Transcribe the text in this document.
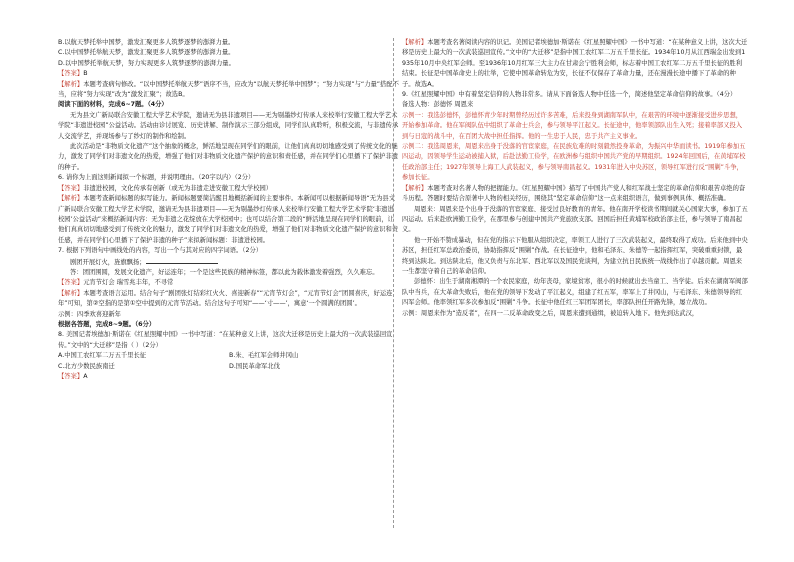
B.以航天梦托举中国梦，激发汇聚更多人筑梦逐梦的澎湃力量。

C.以中国梦托举航天梦，激发汇聚更多人筑梦逐梦的澎湃力量。

D.以中国梦托举航天梦，努力实现更多人筑梦逐梦的澎湃力量。

【答案】B

【解析】本题考查病句修改。“以中国梦托举航天梦”语序不当，应改为“以航天梦托举中国梦”；“努力实现”与“力量”搭配不当，应将“努力实现”改为“激发汇聚”；故选B。

阅读下面的材料，完成6~7题。（4分）

无为县文广新局联合安徽工程大学艺术学院，邀请无为县非遗项目——无为剔墨纱灯传承人来校举行安徽工程大学艺术学院“非遗进校园”公益活动。活动由诊讨展览、历史讲解、制作演示三部分组成，同学们认真聆听，积极交流，与非遗传承人交流学艺，并现场参与了纱灯的制作和绘制。

此次活动是“非物质文化遗产”这个抽象的概念，鲜活地呈现在同学们的眼前，让他们真真切切地感受到了传统文化的魅力，激发了同学们对非遗文化的热爱，增强了他们对非物质文化遗产保护的意识和责任感，并在同学们心里播下了保护非遗的种子。

6. 请你为上面这则新闻拟一个标题，并说明理由。（20字以内）（2分）

【答案】非遗进校园，文化传承有创新（或无为非遗走进安徽工程大学校园）

【解析】本题考查新闻标题的拟写能力。新闻标题要简洁醒目地概括新闻的主要事件。本新闻可以根据新闻导语“无为县文广新局联合安徽工程大学艺术学院，邀请无为县非遗项目——无为剔墨纱灯传承人来校举行安徽工程大学艺术学院‘非遗进校园’公益活动”来概括新闻内容：无为非遗之花绽放在大学校园中；也可以结合第二段的“鲜活地呈现在同学们的眼前，让他们真真切切地感受到了传统文化的魅力，激发了同学们对非遗文化的热爱，增强了他们对非物质文化遗产保护的意识和责任感，并在同学们心里播下了保护非遗的种子”来拟新闻标题：非遗进校园。

7. 根据下列语句中画线处的内容，写出一个与其对应的四字词语。（2分）

剧团开展灯火，旌旗飘扬；

答：团团围圆，发展文化遗产，好运连年；一个是这些民族的精神标签，都以此为载体激发着强烈，久久难忘。

【答案】元宵节灯会 瑞雪兆丰年，不寻常

【解析】本题考查语言运用。结合句子“剧团张灯结彩红火火、喜迎新春”“元宵节灯会”，“元宵节灯会”团圆喜庆，好运连年”可知，第②空指的是第①空中提到的元宵节活动。结合这句子可知“——‘寸——’，寓意‘一个圆满的团圆’。

示例：四季欢喜迎新年

根据各答题，完成8~9题。（6分）

8. 美国记者埃德加·斯诺在《红星照耀中国》一书中写道：“在某种意义上讲，这次大迁移是历史上最大的一次武装巡回宣传。”文中的“大迁移”是指（ ）（2分）

A.中国工农红军二万五千里长征	B.朱、毛红军会师井冈山

C.北方少数民族南迁	D.国民革命军北伐

【答案】A

【解析】本题考查名著阅读内容的识记。美国记者埃德加·斯诺在《红星照耀中国》一书中写道：“在某种意义上讲，这次大迁移是历史上最大的一次武装巡回宣传。”文中的“大迁移”是指中国工农红军二万五千里长征。1934年10月从江西瑞金出发到1935年10月中央红军会师。至1936年10月红军三大主力在甘肃会宁胜利会师，标志着中国工农红军二万五千里长征的胜利结束。长征是中国革命史上的壮举，它使中国革命转危为安，长征不仅保存了革命力量，还在漫漫长途中播下了革命的种子。故选A。

9.《红星照耀中国》中有着坚定信仰的人物非常多。请从下面备选人物中任选一个，简述他坚定革命信仰的故事。（4分）

备选人物：彭德怀 周恩来

示例一：我选彭德怀，彭德怀青少年时期曾经历过许多苦难，后来投身到湖南军队中，在艰苦的环境中逐渐接受进步思想，开始参加革命。他在军阀队伍中组织了革命士兵会，参与领导平江起义。长征途中，他率领部队出生入死；接着率部又投入到与日寇的战斗中，在百团大战中担任指挥。他的一生忠于人民，忠于共产主义事业。

示例二：我选周恩来，周恩来出身于没落的官宦家庭，在民族危难的时刻毅然投身革命，为振兴中华而读书。1919年参加五四运动，因领导学生运动被捕入狱，后赴法勤工俭学，在欧洲参与组织中国共产党的早期组织。1924年回国后，在黄埔军校任政治部主任；1927年领导上海工人武装起义，参与领导南昌起义。1931年进入中央苏区，领导红军进行反“围剿”斗争，参加长征。

【解析】本题考查对名著人物的把握能力。《红星照耀中国》描写了中国共产党人和红军战士坚定的革命信仰和艰苦卓绝的奋斗历程。答题时要结合原著中人物的相关经历，围绕其“坚定革命信仰”这一点来组织语言，做到事例具体、概括准确。

周恩来：周恩来是个出身于没落的官宦家庭、接受过良好教育的青年。他在南开学校读书期间就关心国家大事，参加了五四运动。后来赴欧洲勤工俭学，在那里参与创建中国共产党旅欧支部。回国后担任黄埔军校政治部主任，参与领导了南昌起义。

他一开始不赞成暴动，但在党的指示下他服从组织决定，率领工人进行了三次武装起义，最终取得了成功。后来他到中央苏区，担任红军总政治委员，协助指挥反“围剿”作战。在长征途中，他和毛泽东、朱德等一起指挥红军，突破重重封锁，最终到达陕北。到达陕北后，他又负责与东北军、西北军以及国民党谈判，为建立抗日民族统一战线作出了卓越贡献。周恩来一生都坚守着自己的革命信仰。

彭德怀：出生于湖南湘潭的一个农民家庭，幼年丧母，家境贫寒，很小的时候就出去当童工、当学徒。后来在湖南军阀部队中当兵，在大革命失败后，他在党的领导下发动了平江起义，组建了红五军，率军上了井冈山，与毛泽东、朱德领导的红四军会师。他率领红军多次参加反“围剿”斗争。长征中他任红三军团军团长，率部队担任开路先锋，屡立战功。

示例：周恩来作为“造反者”，在四一二反革命政变之后，周恩来遭到通缉，被迫转入地下。他先到达武汉，
